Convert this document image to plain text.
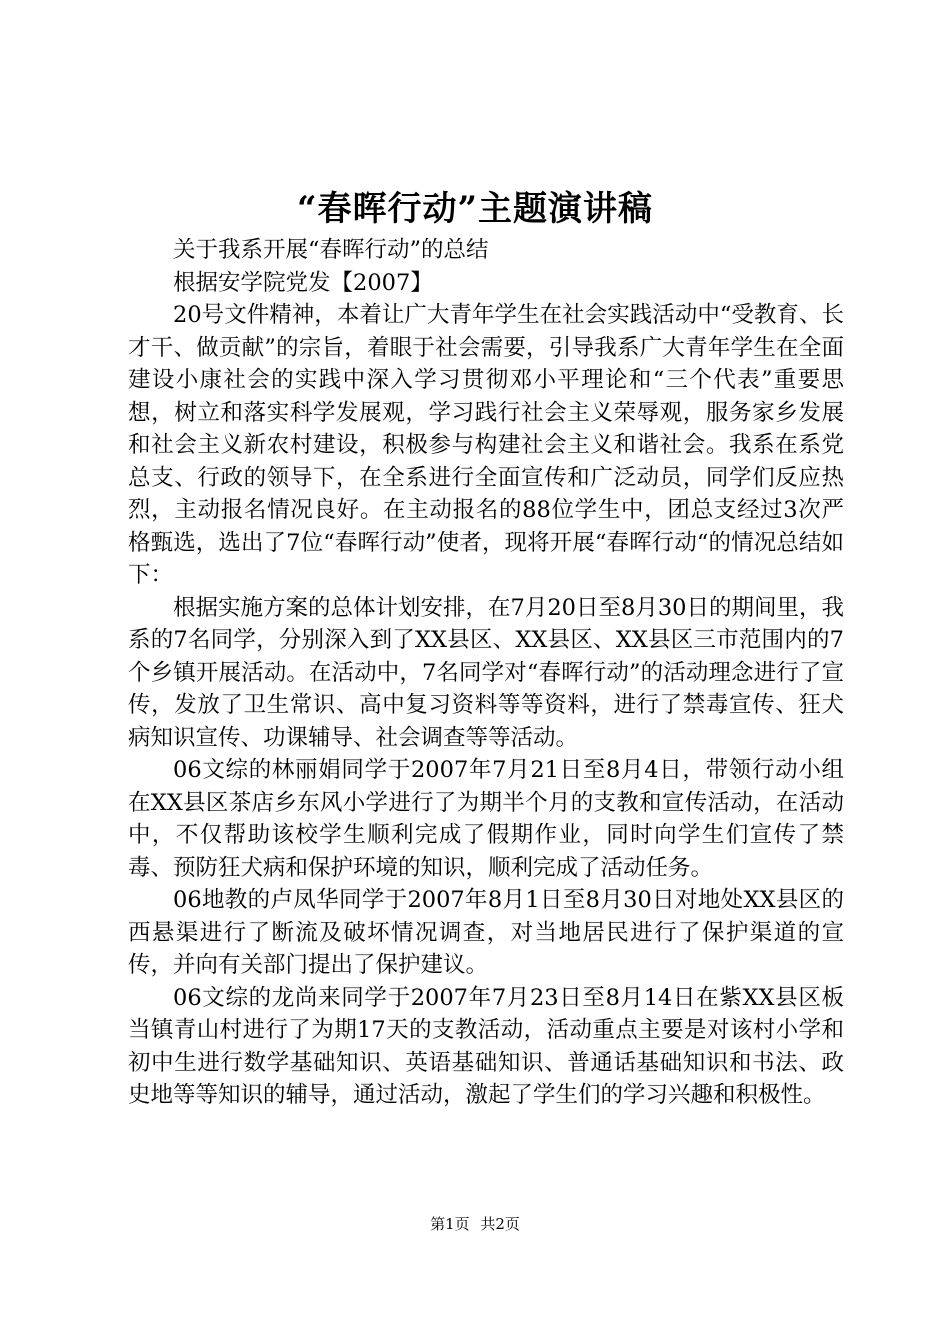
“春晖行动”主题演讲稿

关于我系开展“春晖行动”的总结

根据安学院党发【2007】

20号文件精神，本着让广大青年学生在社会实践活动中“受教育、长才干、做贡献”的宗旨，着眼于社会需要，引导我系广大青年学生在全面建设小康社会的实践中深入学习贯彻邓小平理论和“三个代表”重要思想，树立和落实科学发展观，学习践行社会主义荣辱观，服务家乡发展和社会主义新农村建设，积极参与构建社会主义和谐社会。我系在系党总支、行政的领导下，在全系进行全面宣传和广泛动员，同学们反应热烈，主动报名情况良好。在主动报名的88位学生中，团总支经过3次严格甄选，选出了7位“春晖行动”使者，现将开展“春晖行动“的情况总结如下：

根据实施方案的总体计划安排，在7月20日至8月30日的期间里，我系的7名同学，分别深入到了XX县区、XX县区、XX县区三市范围内的7个乡镇开展活动。在活动中，7名同学对“春晖行动”的活动理念进行了宣传，发放了卫生常识、高中复习资料等等资料，进行了禁毒宣传、狂犬病知识宣传、功课辅导、社会调查等等活动。

06文综的林丽娟同学于2007年7月21日至8月4日，带领行动小组在XX县区茶店乡东风小学进行了为期半个月的支教和宣传活动，在活动中，不仅帮助该校学生顺利完成了假期作业，同时向学生们宣传了禁毒、预防狂犬病和保护环境的知识，顺利完成了活动任务。

06地教的卢凤华同学于2007年8月1日至8月30日对地处XX县区的西悬渠进行了断流及破坏情况调查，对当地居民进行了保护渠道的宣传，并向有关部门提出了保护建议。

06文综的龙尚来同学于2007年7月23日至8月14日在紫XX县区板当镇青山村进行了为期17天的支教活动，活动重点主要是对该村小学和初中生进行数学基础知识、英语基础知识、普通话基础知识和书法、政史地等等知识的辅导，通过活动，激起了学生们的学习兴趣和积极性。

第1页 共2页
